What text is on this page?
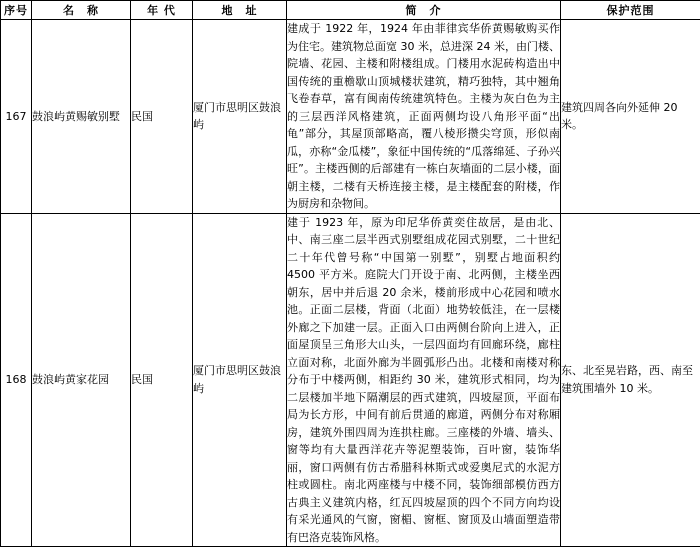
序号	名　称	年 代	地　址	简　介	保护范围
167	鼓浪屿黄赐敏别墅	民国	厦门市思明区鼓浪屿	建成于 1922 年，1924 年由菲律宾华侨黄赐敏购买作为住宅。建筑物总面宽 30 米，总进深 24 米，由门楼、院墙、花园、主楼和附楼组成。门楼用水泥砖构造出中国传统的重檐歇山顶城楼状建筑，精巧独特，其中翘角飞卷春草，富有闽南传统建筑特色。主楼为灰白色为主的三层西洋风格建筑，正面两侧均设八角形平面“出龟”部分，其屋顶部略高，覆八棱形攒尖穹顶，形似南瓜，亦称“金瓜楼”，象征中国传统的“瓜落绵延、子孙兴旺”。主楼西侧的后部建有一栋白灰墙面的二层小楼，面朝主楼，二楼有天桥连接主楼，是主楼配套的附楼，作为厨房和杂物间。	建筑四周各向外延伸 20 米。
168	鼓浪屿黄家花园	民国	厦门市思明区鼓浪屿	建于 1923 年，原为印尼华侨黄奕住故居，是由北、中、南三座二层半西式别墅组成花园式别墅，二十世纪二十年代曾号称“中国第一别墅”，别墅占地面积约 4500 平方米。庭院大门开设于南、北两侧，主楼坐西朝东，居中并后退 20 余米，楼前形成中心花园和喷水池。正面二层楼，背面（北面）地势较低洼，在一层楼外廊之下加建一层。正面入口由两侧台阶向上进入，正面屋顶呈三角形大山头，一层四面均有回廊环绕，廊柱立面对称，北面外廊为半圆弧形凸出。北楼和南楼对称分布于中楼两侧，相距约 30 米，建筑形式相同，均为二层楼加半地下隔潮层的西式建筑，四坡屋顶，平面布局为长方形，中间有前后贯通的廊道，两侧分布对称厢房，建筑外围四周为连拱柱廊。三座楼的外墙、墙头、窗等均有大量西洋花卉等泥塑装饰，百叶窗，装饰华丽，窗口两侧有仿古希腊科林斯式或爱奥尼式的水泥方柱或圆柱。南北两座楼与中楼不同，装饰细部模仿西方古典主义建筑内格，红瓦四坡屋顶的四个不同方向均设有采光通风的气窗，窗楣、窗框、窗顶及山墙面塑造带有巴洛克装饰风格。	东、北至晃岩路，西、南至建筑围墙外 10 米。
